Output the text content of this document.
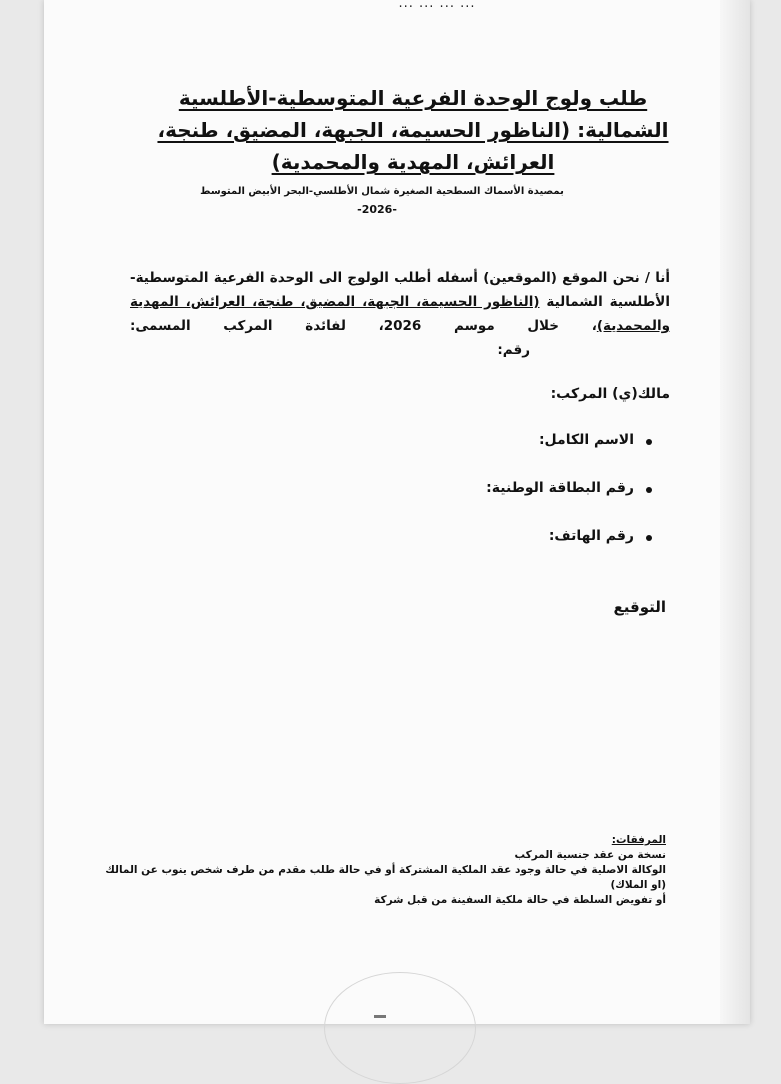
... ... ... ...
طلب ولوج الوحدة الفرعية المتوسطية-الأطلسية الشمالية: (الناظور الحسيمة، الجبهة، المضيق، طنجة، العرائش، المهدية والمحمدية)
بمصيدة الأسماك السطحية الصغيرة شمال الأطلسي-البحر الأبيض المتوسط
-2026-
أنا / نحن الموقع (الموقعين) أسفله أطلب الولوج الى الوحدة الفرعية المتوسطية-الأطلسية الشمالية (الناظور الحسيمة، الجبهة، المضيق، طنجة، العرائش، المهدية والمحمدية)، خلال موسم 2026، لفائدة المركب المسمى: رقم:
مالك(ي) المركب:
الاسم الكامل:
رقم البطاقة الوطنية:
رقم الهاتف:
التوقيع

المرفقات:

نسخة من عقد جنسية المركب

الوكالة الاصلية في حالة وجود عقد الملكية المشتركة أو في حالة طلب مقدم من طرف شخص ينوب عن المالك (او الملاك)

أو تفويض السلطة في حالة ملكية السفينة من قبل شركة
